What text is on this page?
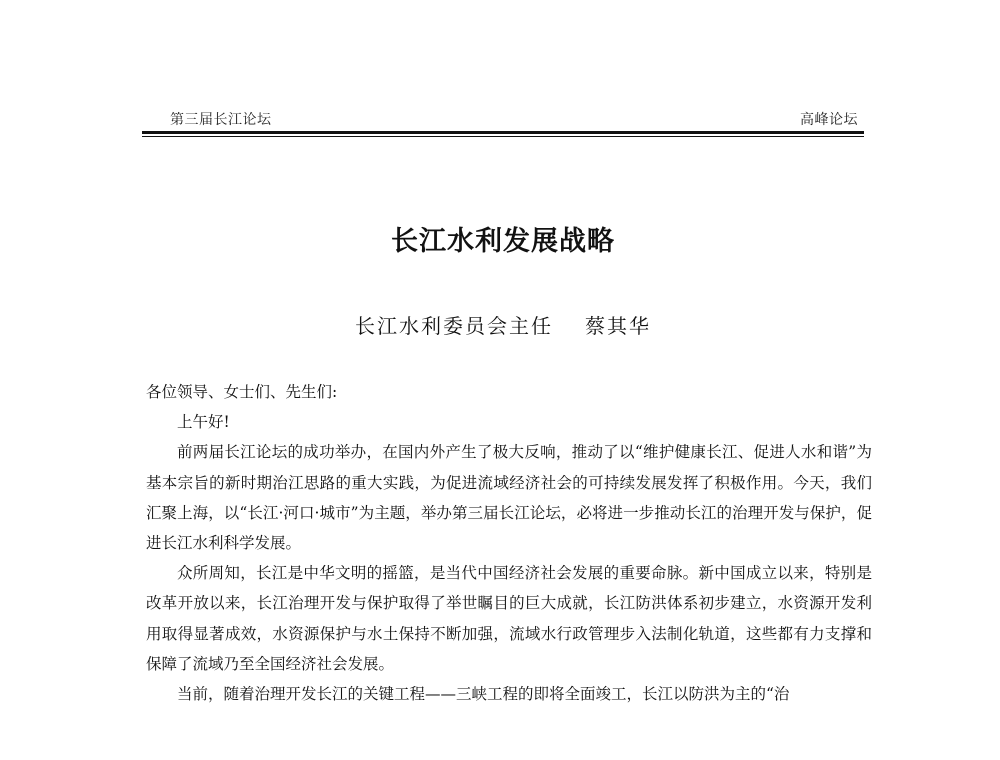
第三届长江论坛	高峰论坛
长江水利发展战略
长江水利委员会主任 蔡其华

各位领导、女士们、先生们:

上午好!

前两届长江论坛的成功举办，在国内外产生了极大反响，推动了以“维护健康长江、促进人水和谐”为基本宗旨的新时期治江思路的重大实践，为促进流域经济社会的可持续发展发挥了积极作用。今天，我们汇聚上海，以“长江·河口·城市”为主题，举办第三届长江论坛，必将进一步推动长江的治理开发与保护，促进长江水利科学发展。

众所周知，长江是中华文明的摇篮，是当代中国经济社会发展的重要命脉。新中国成立以来，特别是改革开放以来，长江治理开发与保护取得了举世瞩目的巨大成就，长江防洪体系初步建立，水资源开发利用取得显著成效，水资源保护与水土保持不断加强，流域水行政管理步入法制化轨道，这些都有力支撑和保障了流域乃至全国经济社会发展。

当前，随着治理开发长江的关键工程——三峡工程的即将全面竣工，长江以防洪为主的“治
